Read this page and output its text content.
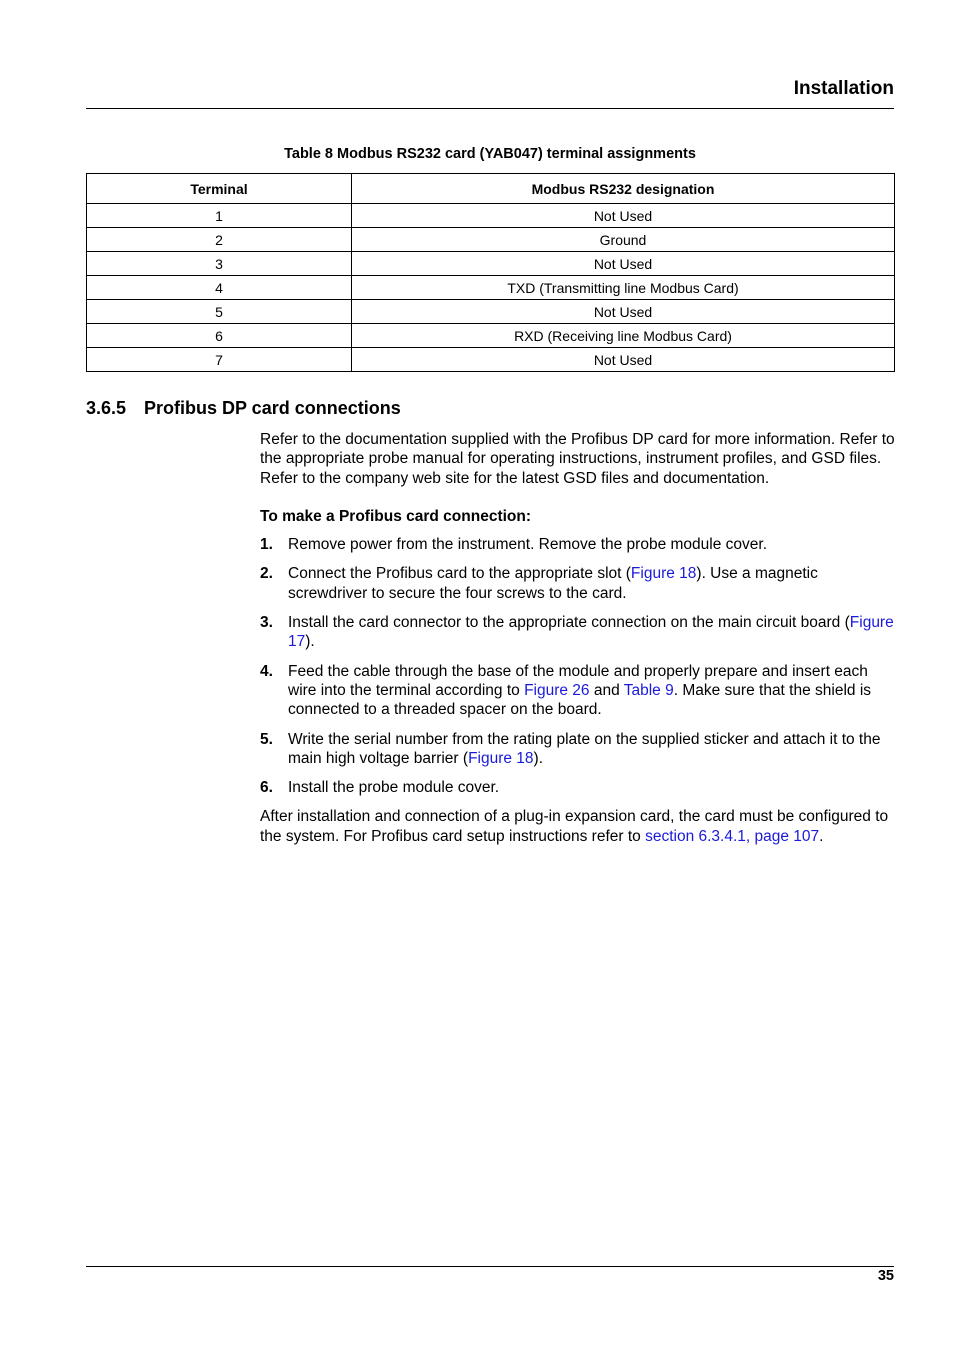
Installation
Table 8 Modbus RS232 card (YAB047) terminal assignments
Terminal	Modbus RS232 designation
1	Not Used
2	Ground
3	Not Used
4	TXD (Transmitting line Modbus Card)
5	Not Used
6	RXD (Receiving line Modbus Card)
7	Not Used
3.6.5 Profibus DP card connections

Refer to the documentation supplied with the Profibus DP card for more information. Refer to the appropriate probe manual for operating instructions, instrument profiles, and GSD files. Refer to the company web site for the latest GSD files and documentation.

To make a Profibus card connection:

1. Remove power from the instrument. Remove the probe module cover.
2. Connect the Profibus card to the appropriate slot (Figure 18). Use a magnetic screwdriver to secure the four screws to the card.
3. Install the card connector to the appropriate connection on the main circuit board (Figure 17).
4. Feed the cable through the base of the module and properly prepare and insert each wire into the terminal according to Figure 26 and Table 9. Make sure that the shield is connected to a threaded spacer on the board.
5. Write the serial number from the rating plate on the supplied sticker and attach it to the main high voltage barrier (Figure 18).
6. Install the probe module cover.

After installation and connection of a plug-in expansion card, the card must be configured to the system. For Profibus card setup instructions refer to section 6.3.4.1, page 107.

35
